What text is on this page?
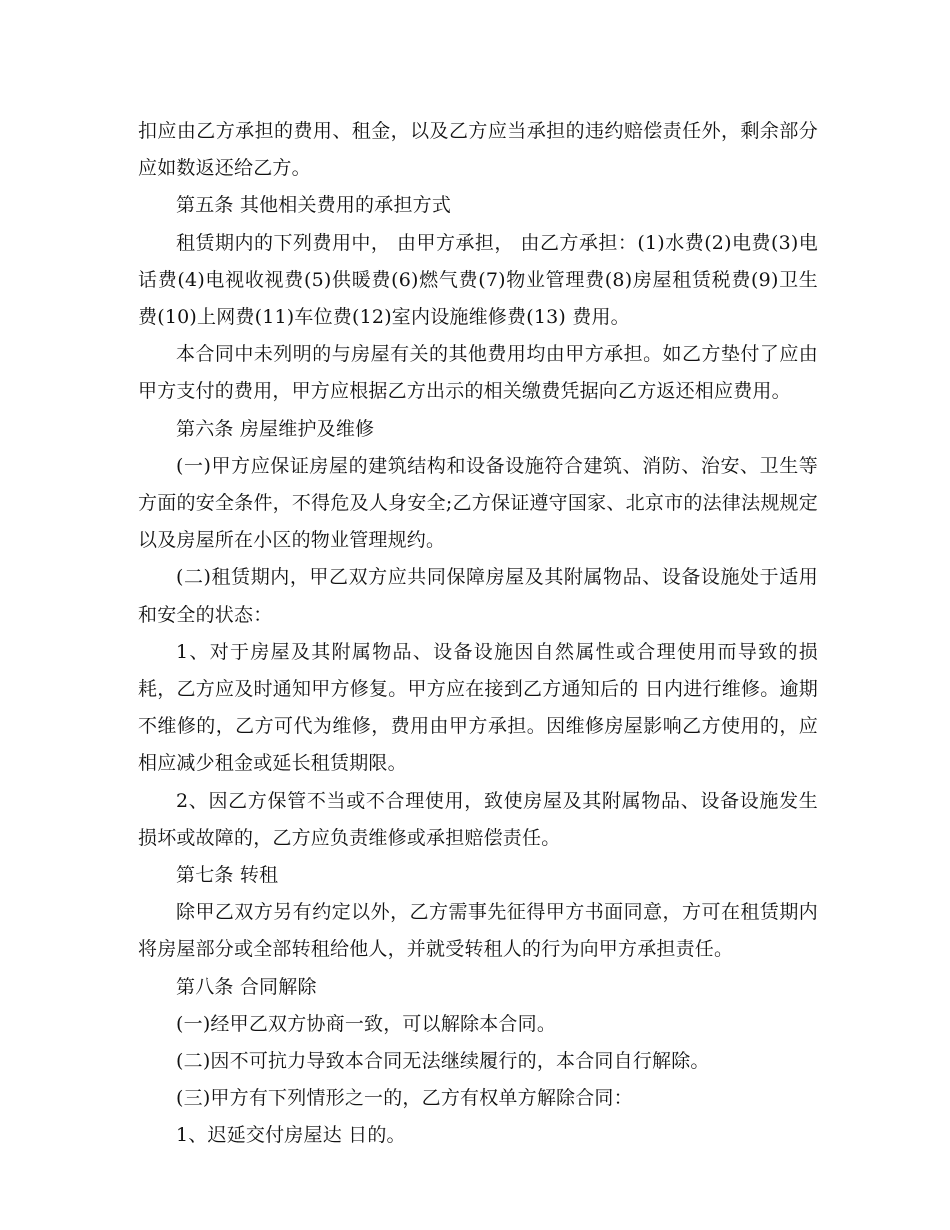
扣应由乙方承担的费用、租金，以及乙方应当承担的违约赔偿责任外，剩余部分应如数返还给乙方。

第五条 其他相关费用的承担方式

租赁期内的下列费用中， 由甲方承担， 由乙方承担：(1)水费(2)电费(3)电话费(4)电视收视费(5)供暖费(6)燃气费(7)物业管理费(8)房屋租赁税费(9)卫生费(10)上网费(11)车位费(12)室内设施维修费(13) 费用。

本合同中未列明的与房屋有关的其他费用均由甲方承担。如乙方垫付了应由甲方支付的费用，甲方应根据乙方出示的相关缴费凭据向乙方返还相应费用。

第六条 房屋维护及维修

(一)甲方应保证房屋的建筑结构和设备设施符合建筑、消防、治安、卫生等方面的安全条件，不得危及人身安全;乙方保证遵守国家、北京市的法律法规规定以及房屋所在小区的物业管理规约。

(二)租赁期内，甲乙双方应共同保障房屋及其附属物品、设备设施处于适用和安全的状态：

1、对于房屋及其附属物品、设备设施因自然属性或合理使用而导致的损耗，乙方应及时通知甲方修复。甲方应在接到乙方通知后的 日内进行维修。逾期不维修的，乙方可代为维修，费用由甲方承担。因维修房屋影响乙方使用的，应相应减少租金或延长租赁期限。

2、因乙方保管不当或不合理使用，致使房屋及其附属物品、设备设施发生损坏或故障的，乙方应负责维修或承担赔偿责任。

第七条 转租

除甲乙双方另有约定以外，乙方需事先征得甲方书面同意，方可在租赁期内将房屋部分或全部转租给他人，并就受转租人的行为向甲方承担责任。

第八条 合同解除

(一)经甲乙双方协商一致，可以解除本合同。

(二)因不可抗力导致本合同无法继续履行的，本合同自行解除。

(三)甲方有下列情形之一的，乙方有权单方解除合同：

1、迟延交付房屋达 日的。
